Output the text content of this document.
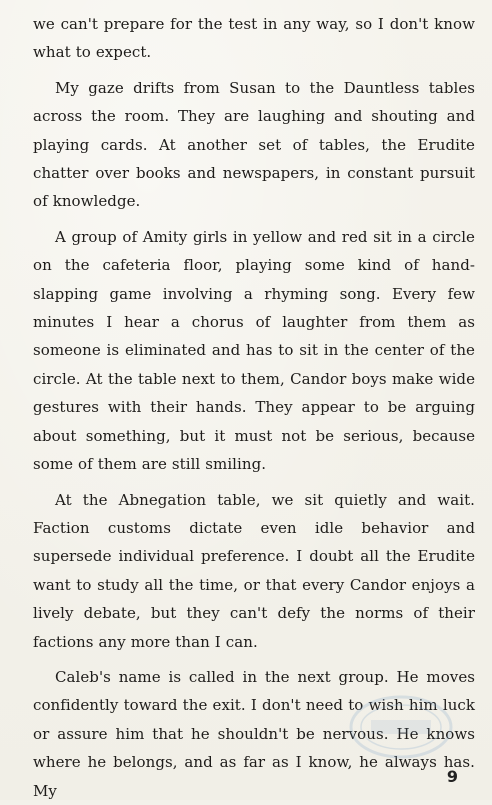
we can't prepare for the test in any way, so I don't know what to expect.

My gaze drifts from Susan to the Dauntless tables across the room. They are laughing and shouting and playing cards. At another set of tables, the Erudite chatter over books and newspapers, in constant pursuit of knowledge.

A group of Amity girls in yellow and red sit in a circle on the cafeteria floor, playing some kind of hand-slapping game involving a rhyming song. Every few minutes I hear a chorus of laughter from them as someone is eliminated and has to sit in the center of the circle. At the table next to them, Candor boys make wide gestures with their hands. They appear to be arguing about something, but it must not be serious, because some of them are still smiling.

At the Abnegation table, we sit quietly and wait. Faction customs dictate even idle behavior and supersede individual preference. I doubt all the Erudite want to study all the time, or that every Candor enjoys a lively debate, but they can't defy the norms of their factions any more than I can.

Caleb's name is called in the next group. He moves confidently toward the exit. I don't need to wish him luck or assure him that he shouldn't be nervous. He knows where he belongs, and as far as I know, he always has. My

9
